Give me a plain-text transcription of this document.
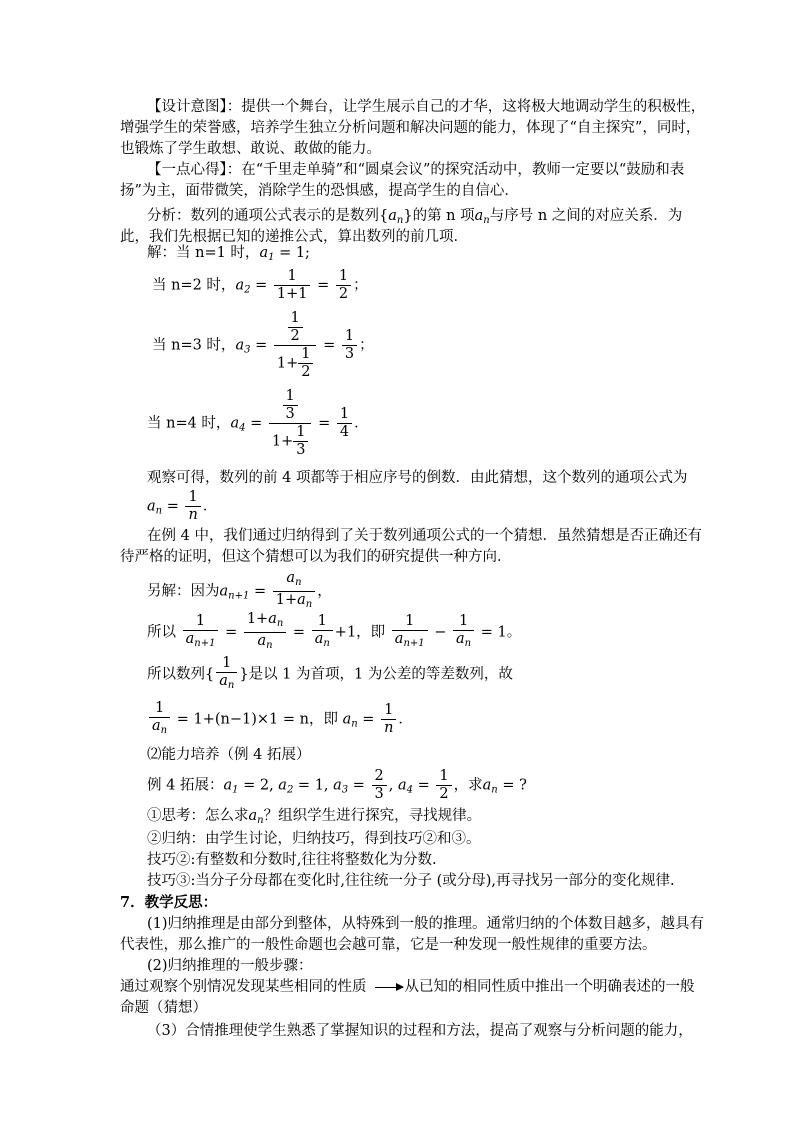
【设计意图】：提供一个舞台，让学生展示自己的才华，这将极大地调动学生的积极性，
增强学生的荣誉感，培养学生独立分析问题和解决问题的能力，体现了“自主探究”，同时，
也锻炼了学生敢想、敢说、敢做的能力。
【一点心得】：在“千里走单骑”和“圆桌会议”的探究活动中，教师一定要以“鼓励和表
扬”为主，面带微笑，消除学生的恐惧感，提高学生的自信心．
分析：数列的通项公式表示的是数列$\{a_n\}$的第 n 项$a_n$与序号 n 之间的对应关系．为
此，我们先根据已知的递推公式，算出数列的前几项．
解：当 n=1 时，$a_1 = 1$;
当 n=2 时，$a_2 = \frac{1}{1+1} = \frac{1}{2}$ ；
当 n=3 时，$a_3 = \frac{\frac{1}{2}}{1+ \frac{1}{2}} = \frac{1}{3}$ ；
当 n=4 时，$a_4 = \frac{\frac{1}{3}}{1+ \frac{1}{3}} = \frac{1}{4}$ ．
观察可得，数列的前 4 项都等于相应序号的倒数．由此猜想，这个数列的通项公式为
$a_n = \frac{1}{n}$ ．
在例 4 中，我们通过归纳得到了关于数列通项公式的一个猜想．虽然猜想是否正确还有
待严格的证明，但这个猜想可以为我们的研究提供一种方向．
另解：因为$a_{n+1} = \frac{a_n}{1+a_n}$ ，
所以 $\frac{1}{a_{n+1}} = \frac{1+a_n}{a_n} = \frac{1}{a_n} +1$，即 $\frac{1}{a_{n+1}} - \frac{1}{a_n} = 1$。
所以数列{ $\frac{1}{a_n}$ }是以 1 为首项，1 为公差的等差数列，故
$\frac{1}{a_n} = 1+(n-1)\times 1 = n$，即 $a_n = \frac{1}{n}$ ．
⑵能力培养（例 4 拓展）
例 4 拓展：$a_1 = 2$, $a_2 = 1$, $a_3 = \frac{2}{3}$ , $a_4 = \frac{1}{2}$ ，求$a_n$ = ?
①思考：怎么求$a_n$？组织学生进行探究，寻找规律。
②归纳：由学生讨论，归纳技巧，得到技巧②和③。
技巧②:有整数和分数时,往往将整数化为分数.
技巧③:当分子分母都在变化时,往往统一分子 (或分母),再寻找另一部分的变化规律.
7．教学反思：
(1)归纳推理是由部分到整体，从特殊到一般的推理。通常归纳的个体数目越多，越具有
代表性，那么推广的一般性命题也会越可靠，它是一种发现一般性规律的重要方法。
(2)归纳推理的一般步骤：
通过观察个别情况发现某些相同的性质	从已知的相同性质中推出一个明确表述的一般
命题（猜想）
（3）合情推理使学生熟悉了掌握知识的过程和方法，提高了观察与分析问题的能力，
